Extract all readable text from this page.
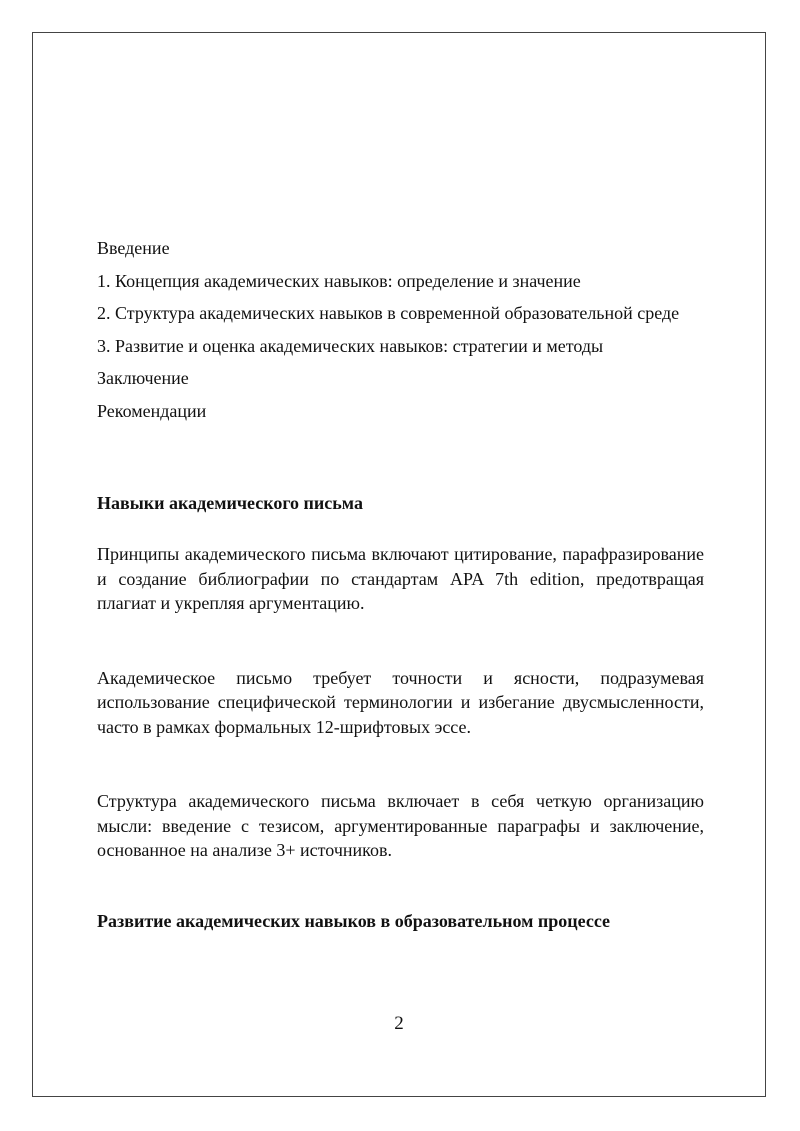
Введение

1. Концепция академических навыков: определение и значение

2. Структура академических навыков в современной образовательной среде

3. Развитие и оценка академических навыков: стратегии и методы

Заключение

Рекомендации

Навыки академического письма

Принципы академического письма включают цитирование, парафразирование и создание библиографии по стандартам APA 7th edition, предотвращая плагиат и укрепляя аргументацию.

Академическое письмо требует точности и ясности, подразумевая использование специфической терминологии и избегание двусмысленности, часто в рамках формальных 12-шрифтовых эссе.

Структура академического письма включает в себя четкую организацию мысли: введение с тезисом, аргументированные параграфы и заключение, основанное на анализе 3+ источников.

Развитие академических навыков в образовательном процессе
2
